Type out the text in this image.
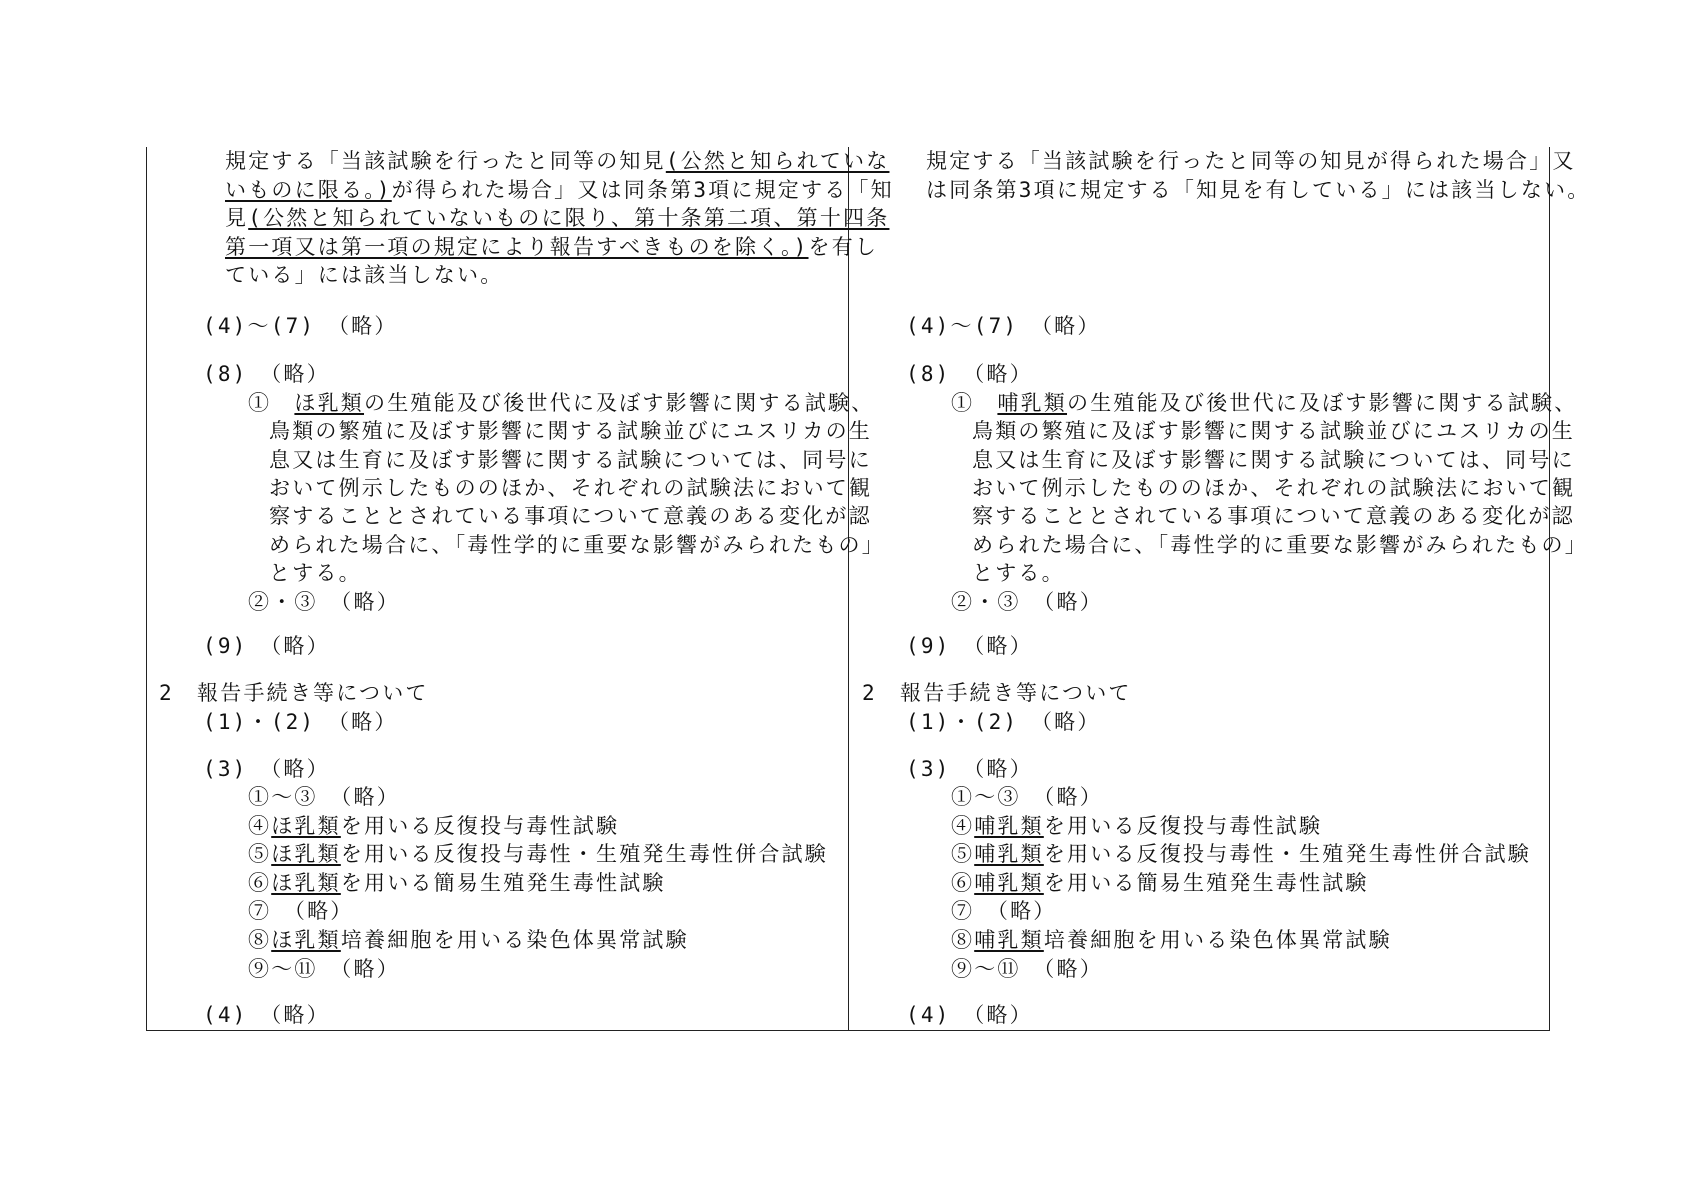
規定する「当該試験を行ったと同等の知見(公然と知られていな
いものに限る。)が得られた場合」又は同条第3項に規定する「知
見(公然と知られていないものに限り、第十条第二項、第十四条
第一項又は第一項の規定により報告すべきものを除く。)を有し
ている」には該当しない。
(4)～(7)　（略）
(8)　（略）
①　ほ乳類の生殖能及び後世代に及ぼす影響に関する試験、
鳥類の繁殖に及ぼす影響に関する試験並びにユスリカの生
息又は生育に及ぼす影響に関する試験については、同号に
おいて例示したもののほか、それぞれの試験法において観
察することとされている事項について意義のある変化が認
められた場合に、「毒性学的に重要な影響がみられたもの」
とする。
②・③　（略）
(9)　（略）
2　報告手続き等について
(1)・(2)　（略）
(3)　（略）
①～③　（略）
④ほ乳類を用いる反復投与毒性試験
⑤ほ乳類を用いる反復投与毒性・生殖発生毒性併合試験
⑥ほ乳類を用いる簡易生殖発生毒性試験
⑦　（略）
⑧ほ乳類培養細胞を用いる染色体異常試験
⑨～⑪　（略）
(4)　（略）
規定する「当該試験を行ったと同等の知見が得られた場合」又
は同条第3項に規定する「知見を有している」には該当しない。
(4)～(7)　（略）
(8)　（略）
①　哺乳類の生殖能及び後世代に及ぼす影響に関する試験、
鳥類の繁殖に及ぼす影響に関する試験並びにユスリカの生
息又は生育に及ぼす影響に関する試験については、同号に
おいて例示したもののほか、それぞれの試験法において観
察することとされている事項について意義のある変化が認
められた場合に、「毒性学的に重要な影響がみられたもの」
とする。
②・③　（略）
(9)　（略）
2　報告手続き等について
(1)・(2)　（略）
(3)　（略）
①～③　（略）
④哺乳類を用いる反復投与毒性試験
⑤哺乳類を用いる反復投与毒性・生殖発生毒性併合試験
⑥哺乳類を用いる簡易生殖発生毒性試験
⑦　（略）
⑧哺乳類培養細胞を用いる染色体異常試験
⑨～⑪　（略）
(4)　（略）
